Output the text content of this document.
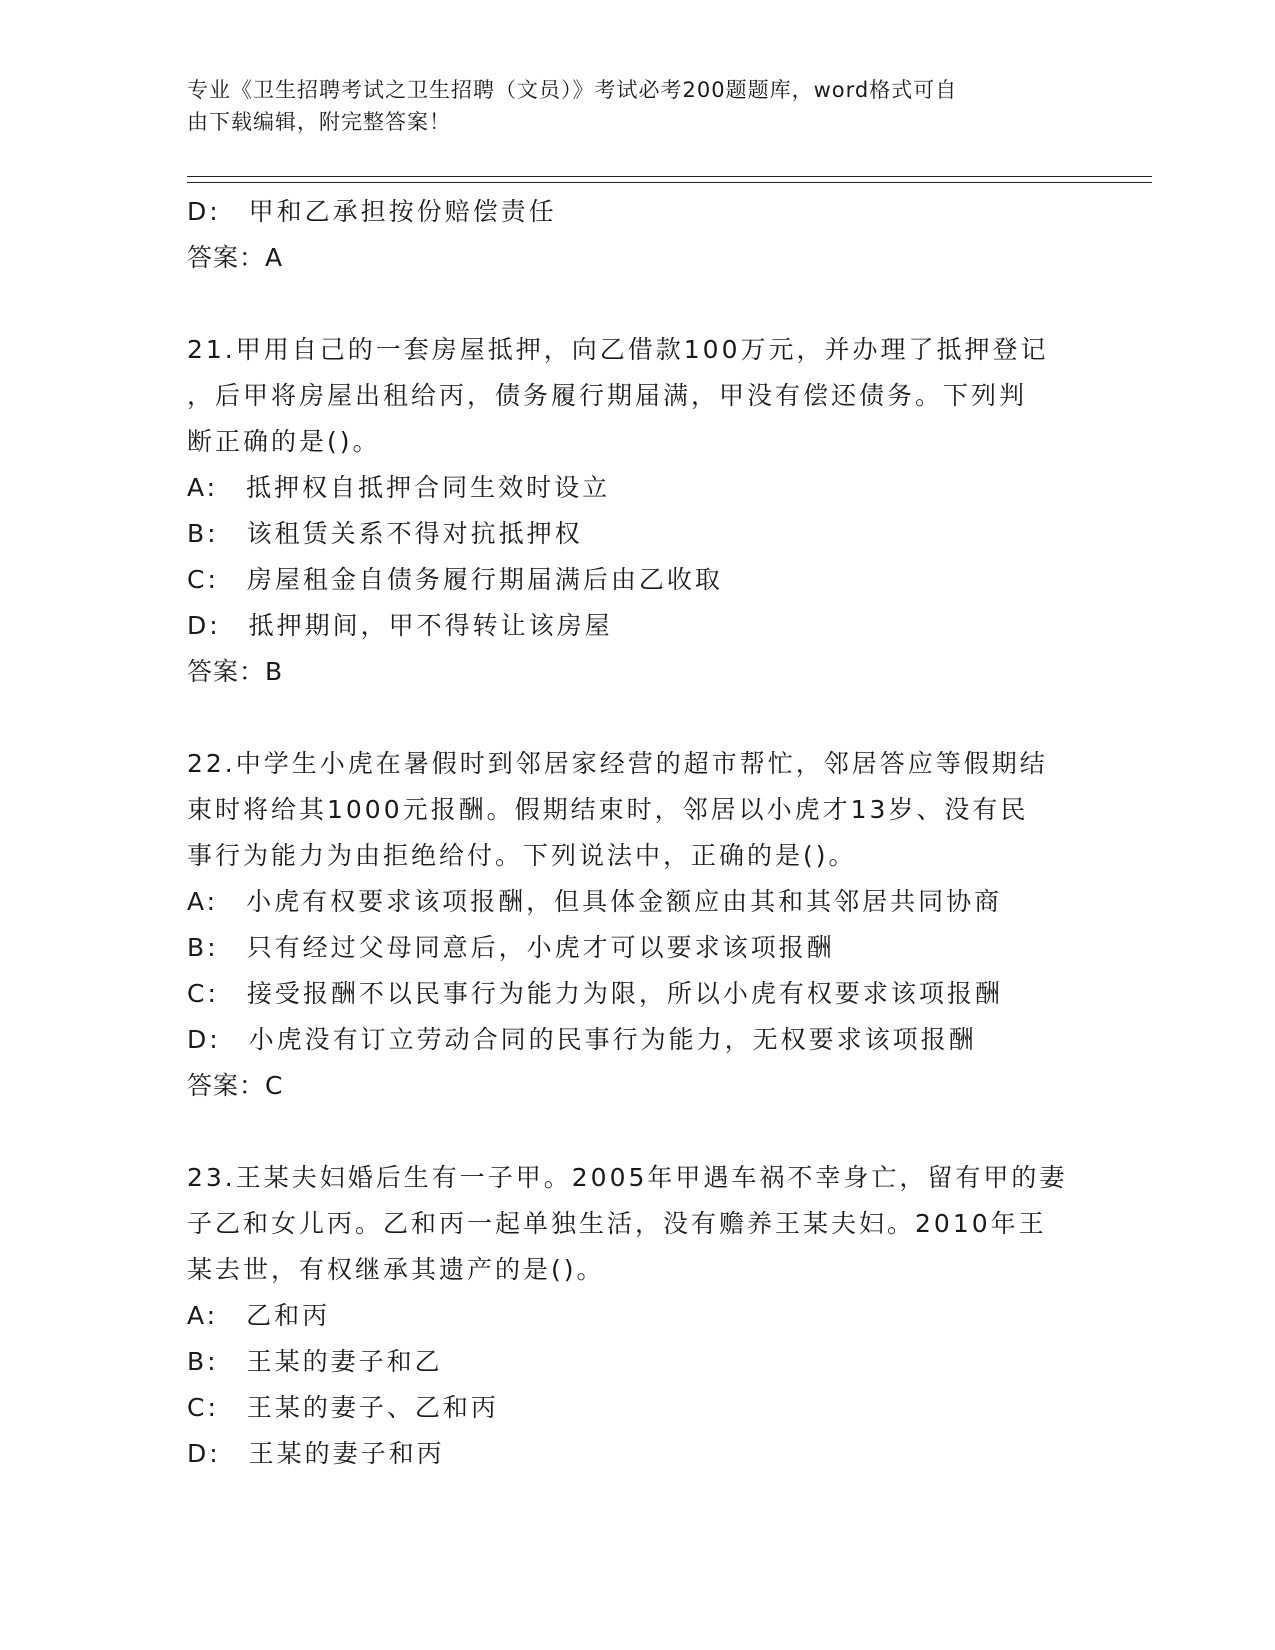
专业《卫生招聘考试之卫生招聘（文员）》考试必考200题题库，word格式可自
由下载编辑，附完整答案！
D:　甲和乙承担按份赔偿责任
答案：A
21.甲用自己的一套房屋抵押，向乙借款100万元，并办理了抵押登记
，后甲将房屋出租给丙，债务履行期届满，甲没有偿还债务。下列判
断正确的是()。
A:　抵押权自抵押合同生效时设立
B:　该租赁关系不得对抗抵押权
C:　房屋租金自债务履行期届满后由乙收取
D:　抵押期间，甲不得转让该房屋
答案：B
22.中学生小虎在暑假时到邻居家经营的超市帮忙，邻居答应等假期结
束时将给其1000元报酬。假期结束时，邻居以小虎才13岁、没有民
事行为能力为由拒绝给付。下列说法中，正确的是()。
A:　小虎有权要求该项报酬，但具体金额应由其和其邻居共同协商
B:　只有经过父母同意后，小虎才可以要求该项报酬
C:　接受报酬不以民事行为能力为限，所以小虎有权要求该项报酬
D:　小虎没有订立劳动合同的民事行为能力，无权要求该项报酬
答案：C
23.王某夫妇婚后生有一子甲。2005年甲遇车祸不幸身亡，留有甲的妻
子乙和女儿丙。乙和丙一起单独生活，没有赡养王某夫妇。2010年王
某去世，有权继承其遗产的是()。
A:　乙和丙
B:　王某的妻子和乙
C:　王某的妻子、乙和丙
D:　王某的妻子和丙
